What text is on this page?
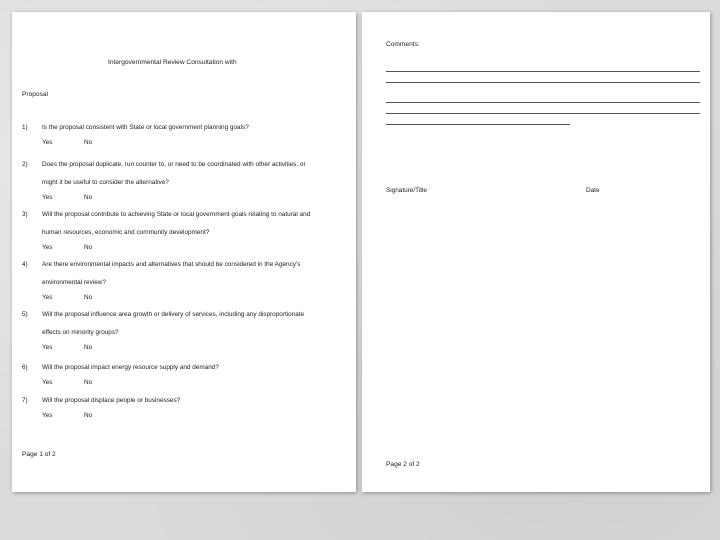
Intergovernmental Review Consultation with
Proposal
1) Is the proposal consistent with State or local government planning goals?
Yes	No
2) Does the proposal duplicate, run counter to, or need to be coordinated with other activities, or
might it be useful to consider the alternative?
Yes	No
3) Will the proposal contribute to achieving State or local government goals relating to natural and
human resources, economic and community development?
Yes	No
4) Are there environmental impacts and alternatives that should be considered in the Agency's
environmental review?
Yes	No
5) Will the proposal influence area growth or delivery of services, including any disproportionate
effects on minority groups?
Yes	No
6) Will the proposal impact energy resource supply and demand?
Yes	No
7) Will the proposal displace people or businesses?
Yes	No
Page 1 of 2
Comments:
Signature/Title	Date
Page 2 of 2
